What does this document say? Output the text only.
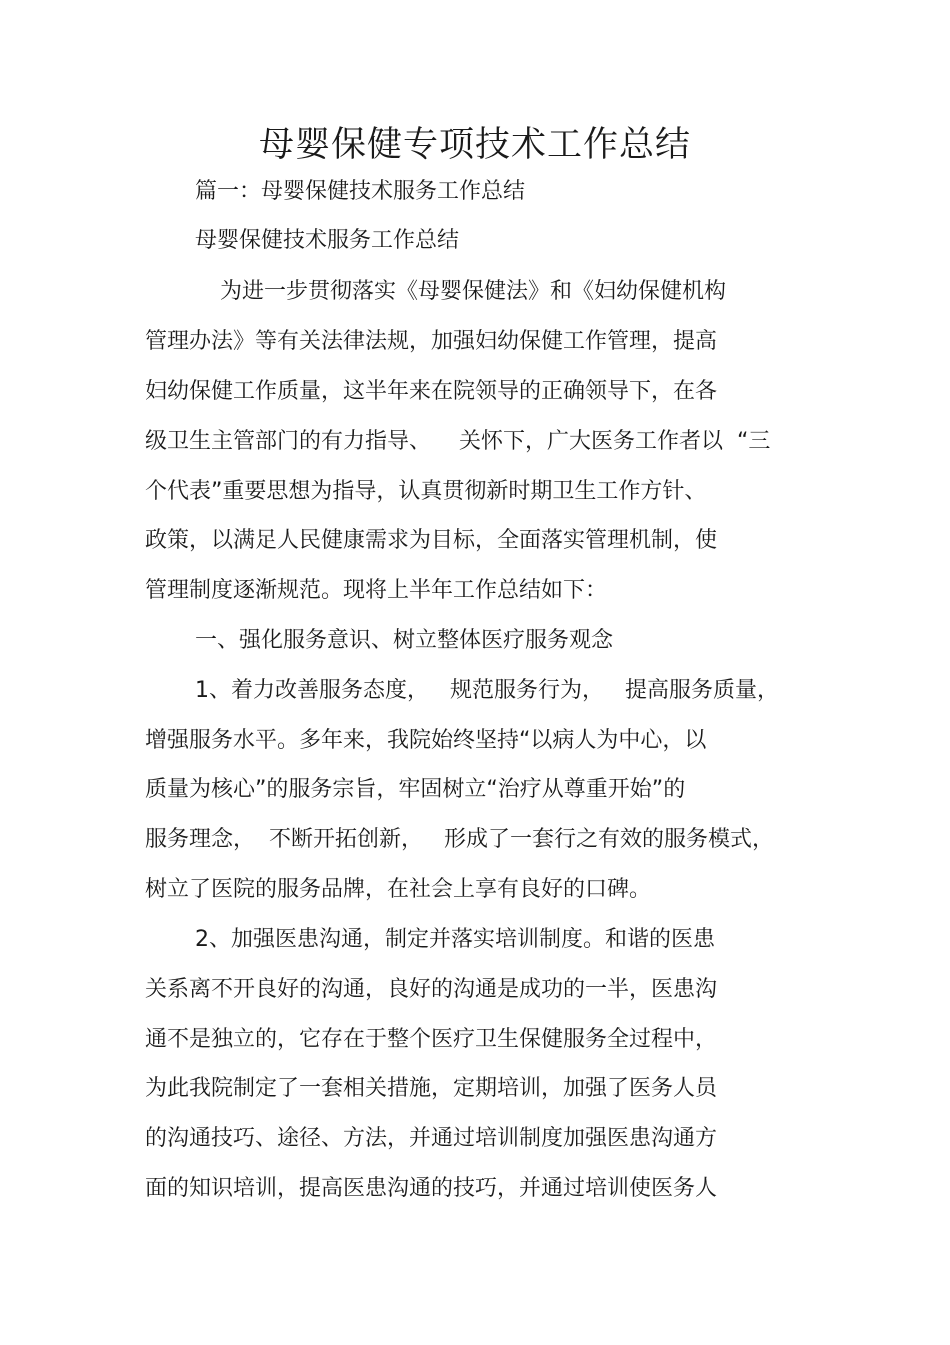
母婴保健专项技术工作总结
篇一：母婴保健技术服务工作总结
母婴保健技术服务工作总结
为进一步贯彻落实《母婴保健法》和《妇幼保健机构
管理办法》等有关法律法规，加强妇幼保健工作管理，提高
妇幼保健工作质量，这半年来在院领导的正确领导下，在各
级卫生主管部门的有力指导、    关怀下，广大医务工作者以  “三
个代表”重要思想为指导，认真贯彻新时期卫生工作方针、
政策，以满足人民健康需求为目标，全面落实管理机制，使
管理制度逐渐规范。现将上半年工作总结如下：
一、强化服务意识、树立整体医疗服务观念
1、着力改善服务态度，   规范服务行为，   提高服务质量，
增强服务水平。多年来，我院始终坚持“以病人为中心，以
质量为核心”的服务宗旨，牢固树立“治疗从尊重开始”的
服务理念，  不断开拓创新，   形成了一套行之有效的服务模式，
树立了医院的服务品牌，在社会上享有良好的口碑。
2、加强医患沟通，制定并落实培训制度。和谐的医患
关系离不开良好的沟通，良好的沟通是成功的一半，医患沟
通不是独立的，它存在于整个医疗卫生保健服务全过程中，
为此我院制定了一套相关措施，定期培训，加强了医务人员
的沟通技巧、途径、方法，并通过培训制度加强医患沟通方
面的知识培训，提高医患沟通的技巧，并通过培训使医务人
